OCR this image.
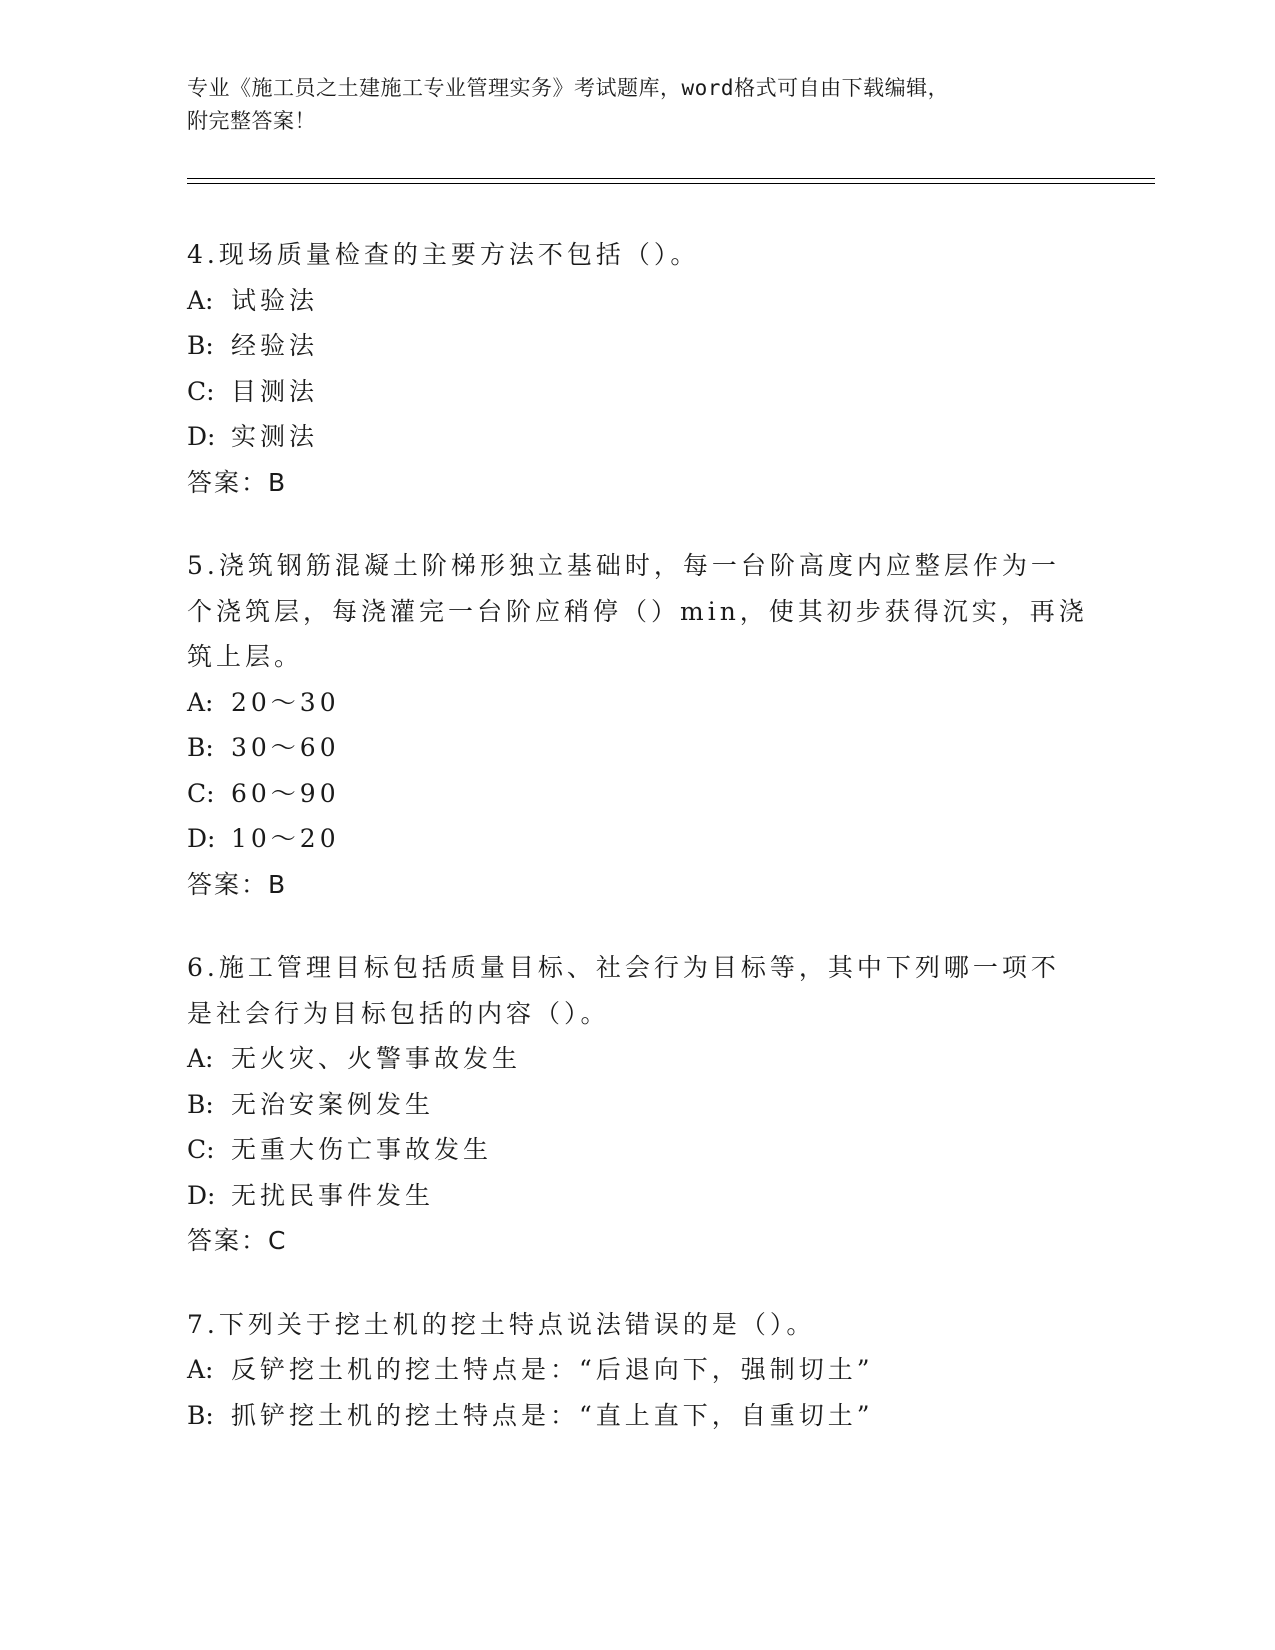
专业《施工员之土建施工专业管理实务》考试题库，word格式可自由下载编辑，
附完整答案！
4.现场质量检查的主要方法不包括（）。
A: 试验法
B: 经验法
C: 目测法
D: 实测法
答案：B
5.浇筑钢筋混凝土阶梯形独立基础时，每一台阶高度内应整层作为一
个浇筑层，每浇灌完一台阶应稍停（）min，使其初步获得沉实，再浇
筑上层。
A: 20～30
B: 30～60
C: 60～90
D: 10～20
答案：B
6.施工管理目标包括质量目标、社会行为目标等，其中下列哪一项不
是社会行为目标包括的内容（）。
A: 无火灾、火警事故发生
B: 无治安案例发生
C: 无重大伤亡事故发生
D: 无扰民事件发生
答案：C
7.下列关于挖土机的挖土特点说法错误的是（）。
A: 反铲挖土机的挖土特点是：“后退向下，强制切土”
B: 抓铲挖土机的挖土特点是：“直上直下，自重切土”
